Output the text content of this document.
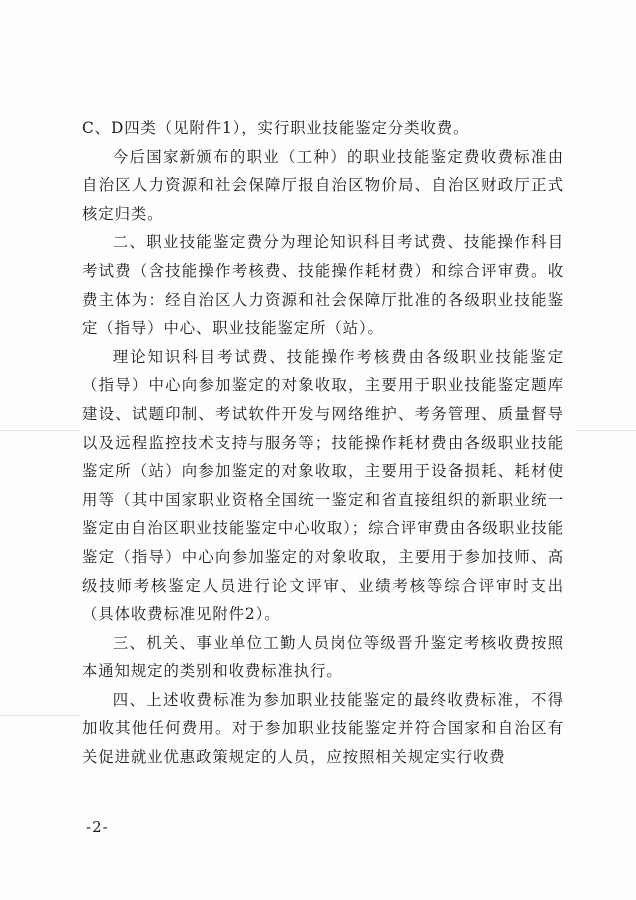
C、D四类（见附件1），实行职业技能鉴定分类收费。

今后国家新颁布的职业（工种）的职业技能鉴定费收费标准由自治区人力资源和社会保障厅报自治区物价局、自治区财政厅正式核定归类。

二、职业技能鉴定费分为理论知识科目考试费、技能操作科目考试费（含技能操作考核费、技能操作耗材费）和综合评审费。收费主体为：经自治区人力资源和社会保障厅批准的各级职业技能鉴定（指导）中心、职业技能鉴定所（站）。

理论知识科目考试费、技能操作考核费由各级职业技能鉴定（指导）中心向参加鉴定的对象收取，主要用于职业技能鉴定题库建设、试题印制、考试软件开发与网络维护、考务管理、质量督导以及远程监控技术支持与服务等；技能操作耗材费由各级职业技能鉴定所（站）向参加鉴定的对象收取，主要用于设备损耗、耗材使用等（其中国家职业资格全国统一鉴定和省直接组织的新职业统一鉴定由自治区职业技能鉴定中心收取）；综合评审费由各级职业技能鉴定（指导）中心向参加鉴定的对象收取，主要用于参加技师、高级技师考核鉴定人员进行论文评审、业绩考核等综合评审时支出（具体收费标准见附件2）。

三、机关、事业单位工勤人员岗位等级晋升鉴定考核收费按照本通知规定的类别和收费标准执行。

四、上述收费标准为参加职业技能鉴定的最终收费标准，不得加收其他任何费用。对于参加职业技能鉴定并符合国家和自治区有关促进就业优惠政策规定的人员，应按照相关规定实行收费

-2-
